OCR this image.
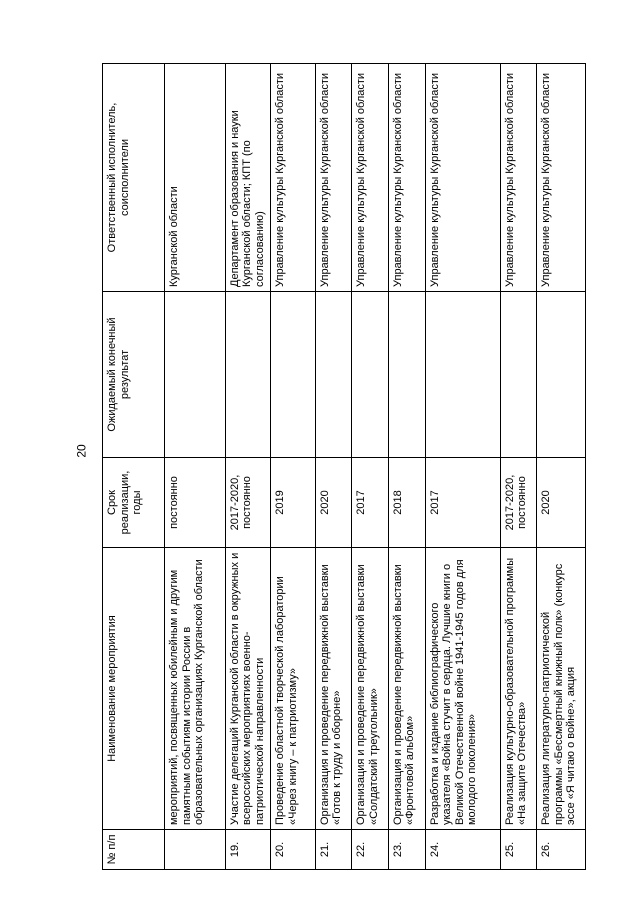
20
№ п/п	Наименование мероприятия	Срок реализации, годы	Ожидаемый конечный результат	Ответственный исполнитель, соисполнители
	мероприятий, посвященных юбилейным и другим памятным событиям истории России в образовательных организациях Курганской области	постоянно		Курганской области
19.	Участие делегаций Курганской области в окружных и всероссийских мероприятиях военно-патриотической направленности	2017-2020, постоянно		Департамент образования и науки Курганской области; КПТ (по согласованию)
20.	Проведение областной творческой лаборатории «Через книгу – к патриотизму»	2019		Управление культуры Курганской области
21.	Организация и проведение передвижной выставки «Готов к труду и обороне»	2020		Управление культуры Курганской области
22.	Организация и проведение передвижной выставки «Солдатский треугольник»	2017		Управление культуры Курганской области
23.	Организация и проведение передвижной выставки «Фронтовой альбом»	2018		Управление культуры Курганской области
24.	Разработка и издание библиографического указателя «Война стучит в сердца. Лучшие книги о Великой Отечественной войне 1941-1945 годов для молодого поколения»	2017		Управление культуры Курганской области
25.	Реализация культурно-образовательной программы «На защите Отечества»	2017-2020, постоянно		Управление культуры Курганской области
26.	Реализация литературно-патриотической программы «Бессмертный книжный полк» (конкурс эссе «Я читаю о войне», акция	2020		Управление культуры Курганской области
